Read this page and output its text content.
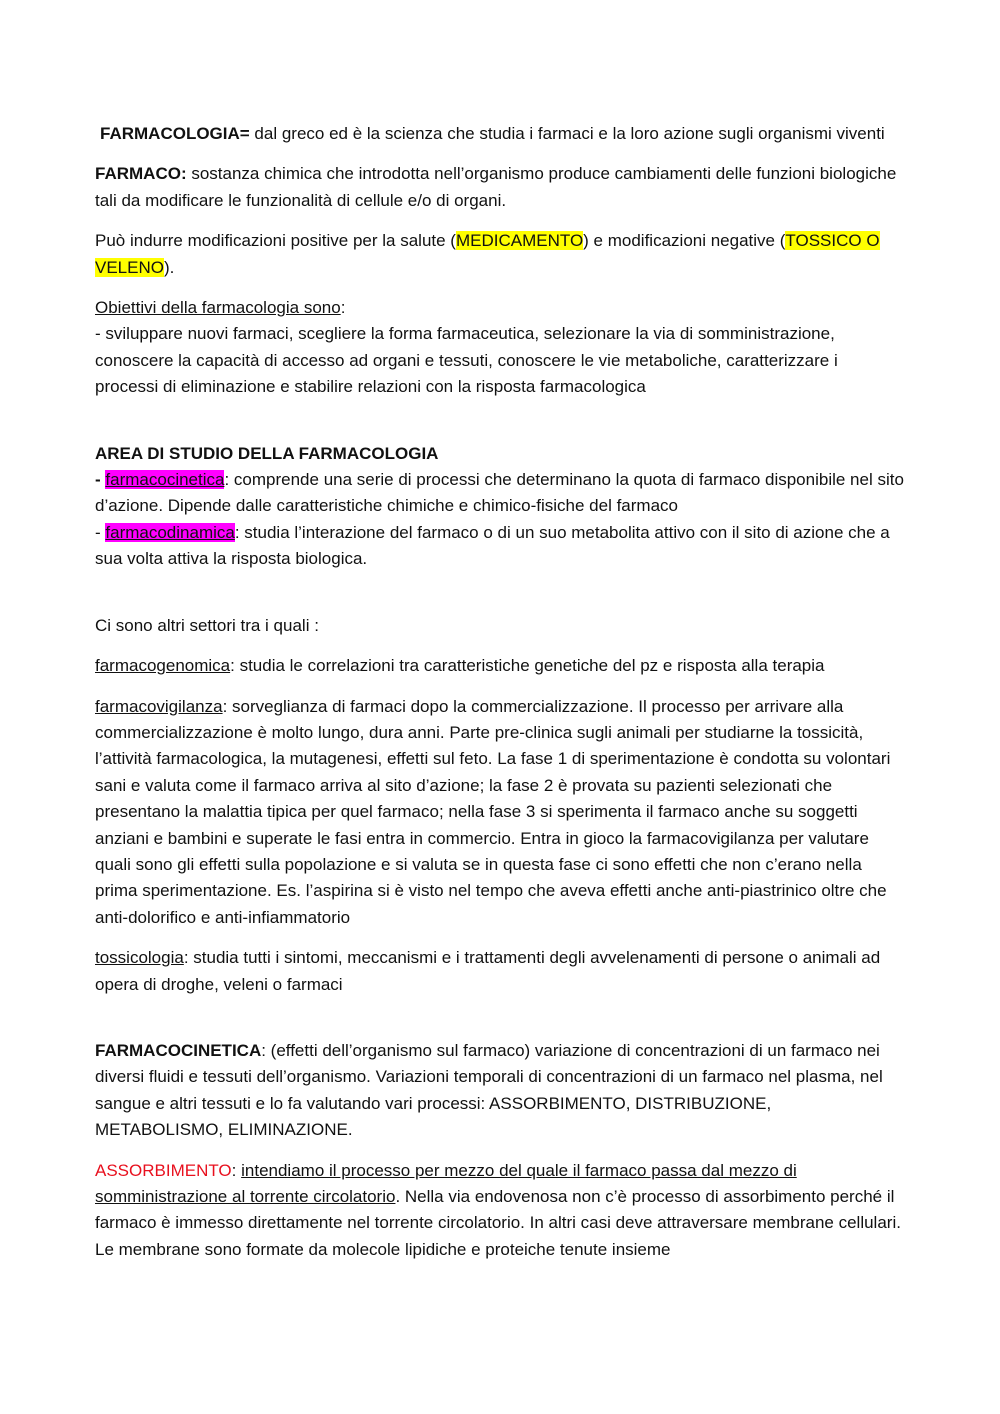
FARMACOLOGIA= dal greco ed è la scienza che studia i farmaci e la loro azione sugli organismi viventi

FARMACO: sostanza chimica che introdotta nell’organismo produce cambiamenti delle funzioni biologiche tali da modificare le funzionalità di cellule e/o di organi.

Può indurre modificazioni positive per la salute (MEDICAMENTO) e modificazioni negative (TOSSICO O VELENO).

Obiettivi della farmacologia sono:

- sviluppare nuovi farmaci, scegliere la forma farmaceutica, selezionare la via di somministrazione, conoscere la capacità di accesso ad organi e tessuti, conoscere le vie metaboliche, caratterizzare i processi di eliminazione e stabilire relazioni con la risposta farmacologica

AREA DI STUDIO DELLA FARMACOLOGIA

- farmacocinetica: comprende una serie di processi che determinano la quota di farmaco disponibile nel sito d’azione. Dipende dalle caratteristiche chimiche e chimico-fisiche del farmaco

- farmacodinamica: studia l’interazione del farmaco o di un suo metabolita attivo con il sito di azione che a sua volta attiva la risposta biologica.

Ci sono altri settori tra i quali :

farmacogenomica: studia le correlazioni tra caratteristiche genetiche del pz e risposta alla terapia

farmacovigilanza: sorveglianza di farmaci dopo la commercializzazione. Il processo per arrivare alla commercializzazione è molto lungo, dura anni. Parte pre-clinica sugli animali per studiarne la tossicità, l’attività farmacologica, la mutagenesi, effetti sul feto. La fase 1 di sperimentazione è condotta su volontari sani e valuta come il farmaco arriva al sito d’azione; la fase 2 è provata su pazienti selezionati che presentano la malattia tipica per quel farmaco; nella fase 3 si sperimenta il farmaco anche su soggetti anziani e bambini e superate le fasi entra in commercio. Entra in gioco la farmacovigilanza per valutare quali sono gli effetti sulla popolazione e si valuta se in questa fase ci sono effetti che non c’erano nella prima sperimentazione. Es. l’aspirina si è visto nel tempo che aveva effetti anche anti-piastrinico oltre che anti-dolorifico e anti-infiammatorio

tossicologia: studia tutti i sintomi, meccanismi e i trattamenti degli avvelenamenti di persone o animali ad opera di droghe, veleni o farmaci

FARMACOCINETICA: (effetti dell’organismo sul farmaco) variazione di concentrazioni di un farmaco nei diversi fluidi e tessuti dell’organismo. Variazioni temporali di concentrazioni di un farmaco nel plasma, nel sangue e altri tessuti e lo fa valutando vari processi: ASSORBIMENTO, DISTRIBUZIONE, METABOLISMO, ELIMINAZIONE.

ASSORBIMENTO: intendiamo il processo per mezzo del quale il farmaco passa dal mezzo di somministrazione al torrente circolatorio. Nella via endovenosa non c’è processo di assorbimento perché il farmaco è immesso direttamente nel torrente circolatorio. In altri casi deve attraversare membrane cellulari. Le membrane sono formate da molecole lipidiche e proteiche tenute insieme
